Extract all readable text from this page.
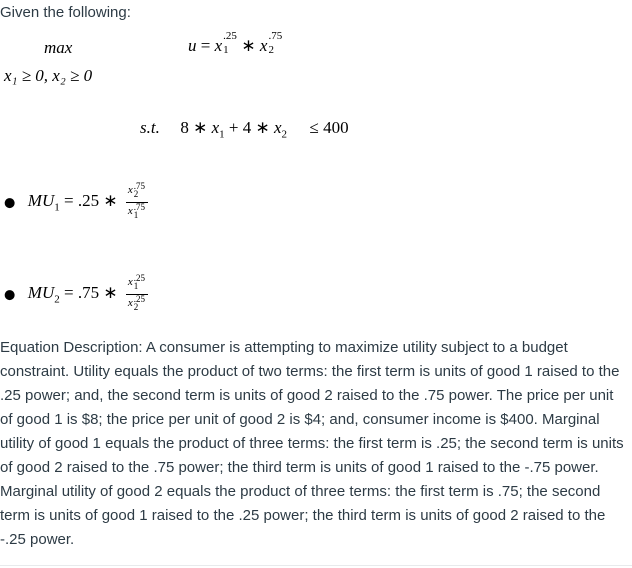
Given the following:
max	u = x .25
1 ∗ x .75
2
x₁ ≥ 0, x₂ ≥ 0
s.t. 8 ∗ $x_1 + 4$ ∗ $x_2 \le 400$
● $MU_1 = .25$ ∗ x .75
2
x .75
1
● $MU_2 = .75$ ∗ x .25
1
x .25
2
Equation Description: A consumer is attempting to maximize utility subject to a budget constraint. Utility equals the product of two terms: the first term is units of good 1 raised to the .25 power; and, the second term is units of good 2 raised to the .75 power. The price per unit of good 1 is $8; the price per unit of good 2 is $4; and, consumer income is $400. Marginal utility of good 1 equals the product of three terms: the first term is .25; the second term is units of good 2 raised to the .75 power; the third term is units of good 1 raised to the -.75 power. Marginal utility of good 2 equals the product of three terms: the first term is .75; the second term is units of good 1 raised to the .25 power; the third term is units of good 2 raised to the -.25 power.
